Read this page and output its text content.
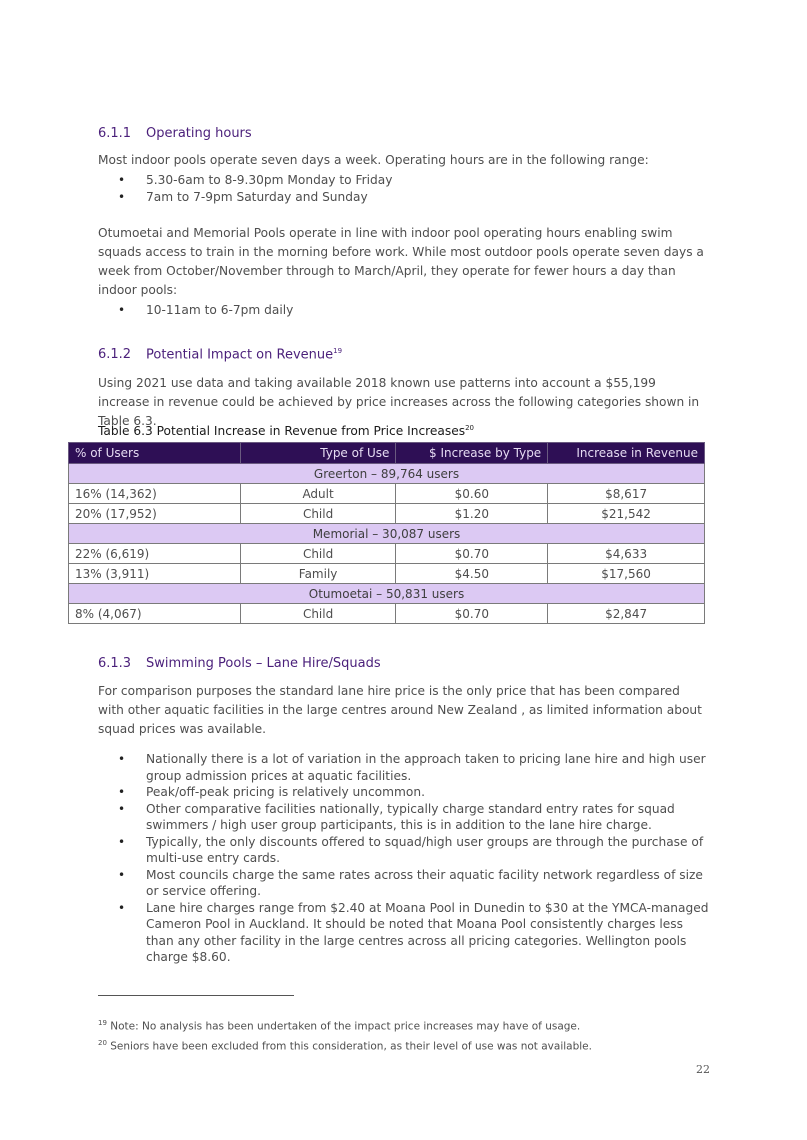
6.1.1 Operating hours
Most indoor pools operate seven days a week. Operating hours are in the following range:
• 5.30-6am to 8-9.30pm Monday to Friday
• 7am to 7-9pm Saturday and Sunday
Otumoetai and Memorial Pools operate in line with indoor pool operating hours enabling swim squads access to train in the morning before work. While most outdoor pools operate seven days a week from October/November through to March/April, they operate for fewer hours a day than indoor pools:
• 10-11am to 6-7pm daily
6.1.2 Potential Impact on Revenue$^{19}$
Using 2021 use data and taking available 2018 known use patterns into account a $55,199 increase in revenue could be achieved by price increases across the following categories shown in Table 6.3.
Table 6.3 Potential Increase in Revenue from Price Increases$^{20}$
% of Users	Type of Use	$ Increase by Type	Increase in Revenue
Greerton – 89,764 users			
16% (14,362)	Adult	$0.60	$8,617
20% (17,952)	Child	$1.20	$21,542
Memorial – 30,087 users			
22% (6,619)	Child	$0.70	$4,633
13% (3,911)	Family	$4.50	$17,560
Otumoetai – 50,831 users			
8% (4,067)	Child	$0.70	$2,847
6.1.3 Swimming Pools – Lane Hire/Squads
For comparison purposes the standard lane hire price is the only price that has been compared with other aquatic facilities in the large centres around New Zealand , as limited information about squad prices was available.
• Nationally there is a lot of variation in the approach taken to pricing lane hire and high user group admission prices at aquatic facilities.
• Peak/off-peak pricing is relatively uncommon.
• Other comparative facilities nationally, typically charge standard entry rates for squad swimmers / high user group participants, this is in addition to the lane hire charge.
• Typically, the only discounts offered to squad/high user groups are through the purchase of multi-use entry cards.
• Most councils charge the same rates across their aquatic facility network regardless of size or service offering.
• Lane hire charges range from $2.40 at Moana Pool in Dunedin to $30 at the YMCA-managed Cameron Pool in Auckland. It should be noted that Moana Pool consistently charges less than any other facility in the large centres across all pricing categories. Wellington pools charge $8.60.
$^{19}$ Note: No analysis has been undertaken of the impact price increases may have of usage.
$^{20}$ Seniors have been excluded from this consideration, as their level of use was not available.
22
